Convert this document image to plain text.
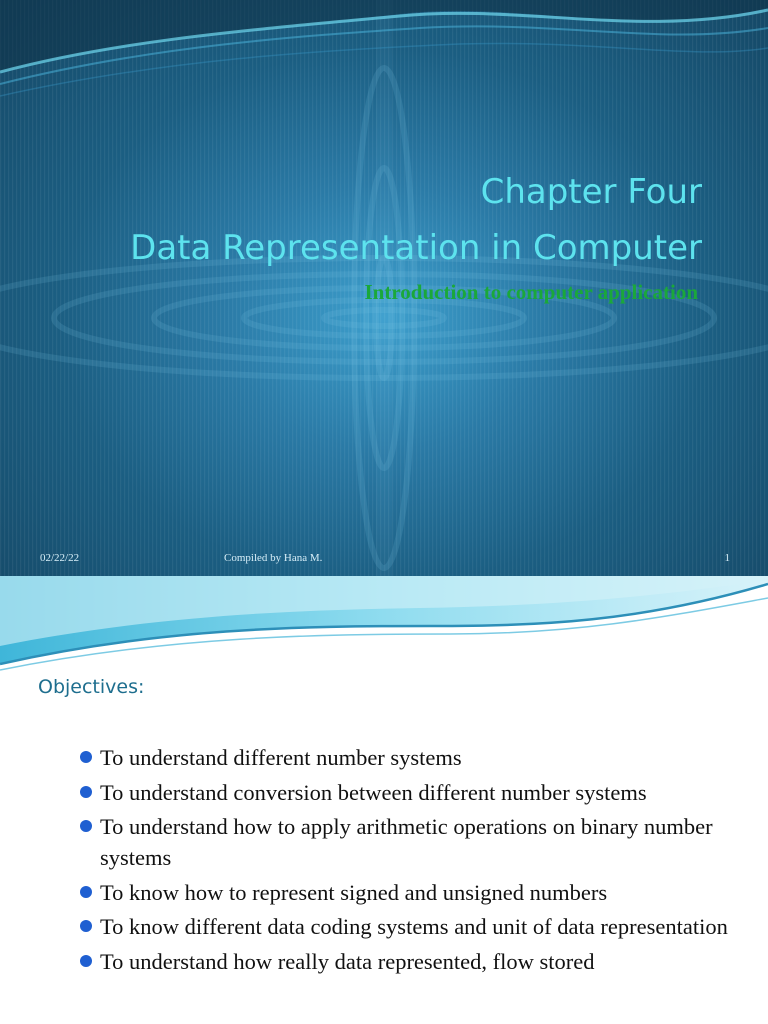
Chapter Four
Data Representation in Computer
Introduction to computer application
02/22/22	Compiled by Hana M.	1
Objectives:
To understand different number systems
To understand conversion between different number systems
To understand how to apply arithmetic operations on binary number systems
To know how to represent signed and unsigned numbers
To know different data coding systems and unit of data representation
To understand how really data represented, flow stored
